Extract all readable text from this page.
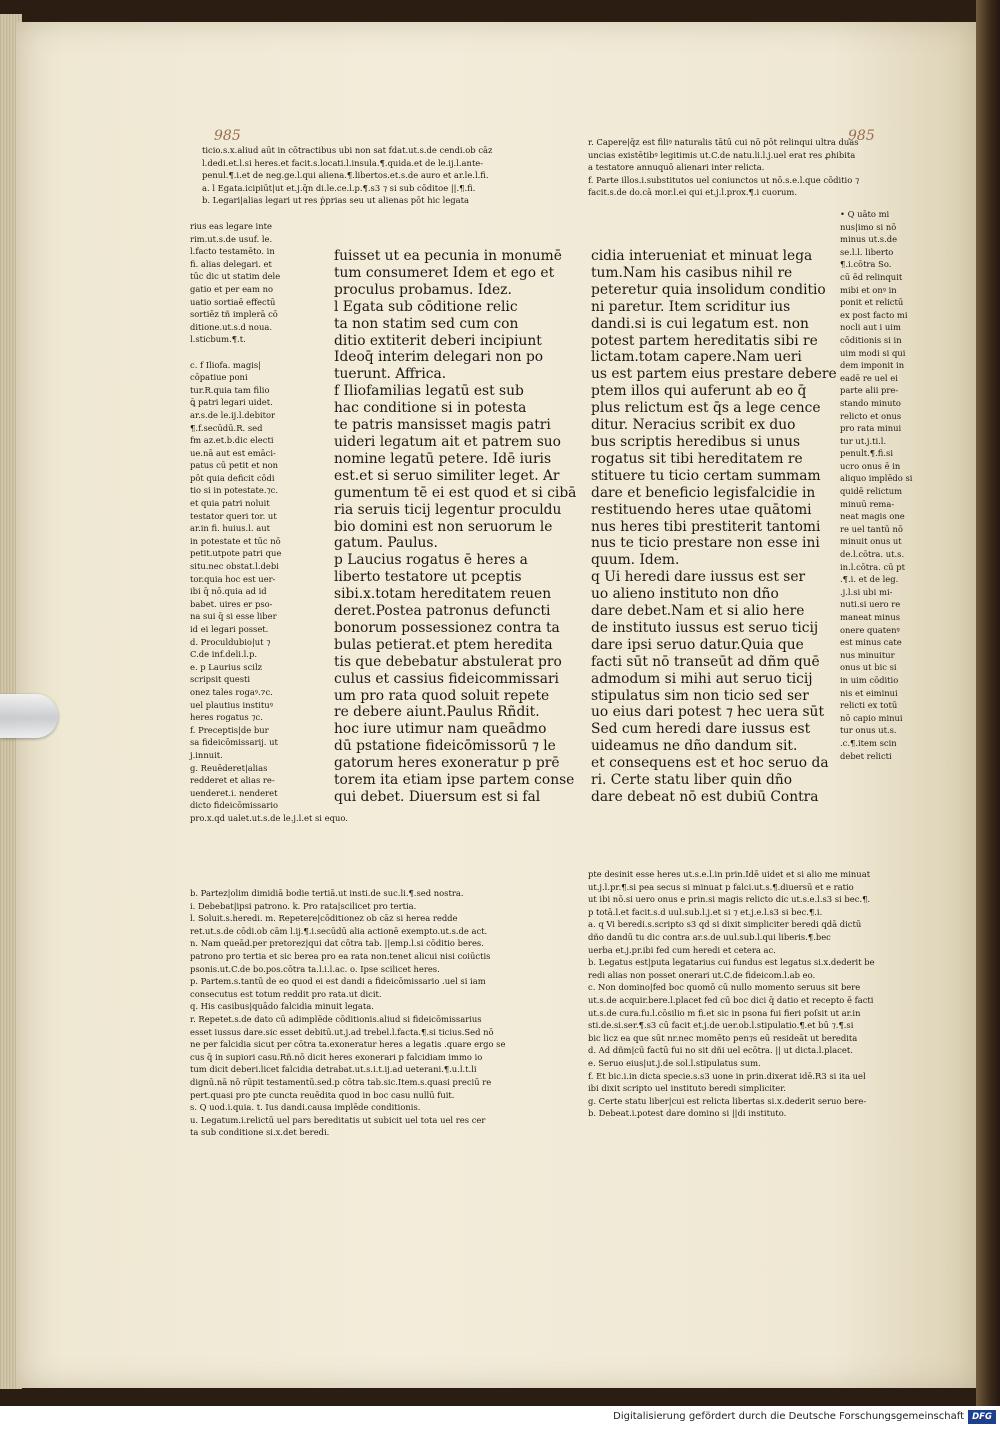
985	985
ticio.s.x.aliud aūt in cōtractibus ubi non sat fdat.ut.s.de cendi.ob cāz
l.dedi.et.l.si heres.et facit.s.locati.l.insula.¶.quida.et de le.ij.l.ante-
penul.¶.i.et de neg.ge.l.qui aliena.¶.libertos.et.s.de auro et ar.le.l.fi.
a. l Egata.icipiūt|ut et.j.q̄n di.le.ce.l.p.¶.s3 ⁊ si sub cōditoe ||.¶.fi.
b. Legari|alias legari ut res ṗprias seu ut alienas pōt hic legata
r. Capere|q̄z est filiꝰ naturalis tātū cui nō pōt relinqui ultra duas
uncias existētibꝰ legitimis ut.C.de natu.li.l.j.uel erat res ꝓhibita
a testatore annuquō alienari inter relicta.
f. Parte illos.i.substitutos uel coniunctos ut nō.s.e.l.que cōditio ⁊
facit.s.de do.cā mor.l.ei qui et.j.l.prox.¶.i cuorum.
rius eas legare inte
rim.ut.s.de usuf. le.
l.facto testamēto. in
fi. alias delegari. et
tūc dic ut statim dele
gatio et per eam no
uatio sortiaē effectū
sortiēz tñ implerā cō
ditione.ut.s.d noua.
l.sticbum.¶.t.

c. f Iliofa. magis|
cōpatiue poni
tur.R.quia tam filio
ꝗ̄ patri legari uidet.
ar.s.de le.ij.l.debitor
¶.f.secūdū.R. sed
fm az.et.b.dic electi
ue.nā aut est emāci-
patus cū petit et non
pōt quia deficit cōdi
tio si in potestate.⁊c.
et quia patri noluit
testator queri tor. ut
ar.in fi. huius.l. aut
in potestate et tūc nō
petit.utpote patri que
situ.nec obstat.l.debi
tor.quia hoc est uer-
ibi q̄ nō.quia ad id
babet. uires er pso-
na sui q̄ si esse liber
id ei legari posset.
d. Proculdubio|ut ⁊
C.de inf.deli.l.p.
e. p Laurius scilz
scripsit questi
onez tales rogaꝰ.⁊c.
uel plautius instituꝰ
heres rogatus ⁊c.
f. Preceptis|de bur
sa fideicōmissarij. ut
j.innuit.
g. Reuēderet|alias
redderet et alias re-
uenderet.i. nenderet
dicto fideicōmissario
pro.x.qd ualet.ut.s.de le.j.l.et si equo.
fuisset ut ea pecunia in monumē
tum consumeret Idem et ego et
proculus probamus. Idez.
l Egata sub cōditione relic
ta non statim sed cum con
ditio extiterit deberi incipiunt
Ideoq̄ interim delegari non po
tuerunt. Affrica.
f Iliofamilias legatū est sub
hac conditione si in potesta
te patris mansisset magis patri
uideri legatum ait et patrem suo
nomine legatū petere. Idē iuris
est.et si seruo similiter leget. Ar
gumentum tē ei est quod et si cibā
ria seruis ticij legentur proculdu
bio domini est non seruorum le
gatum. Paulus.
p Laucius rogatus ē heres a
liberto testatore ut pceptis
sibi.x.totam hereditatem reuen
deret.Postea patronus defuncti
bonorum possessionez contra ta
bulas petierat.et ptem heredita
tis que debebatur abstulerat pro
culus et cassius fideicommissari
um pro rata quod soluit repete
re debere aiunt.Paulus Rñdit.
hoc iure utimur nam queādmo
dū pstatione fideicōmissorū ⁊ le
gatorum heres exoneratur p prē
torem ita etiam ipse partem conse
qui debet. Diuersum est si fal
cidia interueniat et minuat lega
tum.Nam his casibus nihil re
peteretur quia insolidum conditio
ni paretur. Item scriditur ius
dandi.si is cui legatum est. non
potest partem hereditatis sibi re
lictam.totam capere.Nam ueri
us est partem eius prestare debere
ptem illos qui auferunt ab eo q̄
plus relictum est q̄s a lege cence
ditur. Neracius scribit ex duo
bus scriptis heredibus si unus
rogatus sit tibi hereditatem re
stituere tu ticio certam summam
dare et beneficio legisfalcidie in
restituendo heres utae quātomi
nus heres tibi prestiterit tantomi
nus te ticio prestare non esse ini
quum. Idem.
q Ui heredi dare iussus est ser
uo alieno instituto non dño
dare debet.Nam et si alio here
de instituto iussus est seruo ticij
dare ipsi seruo datur.Quia que
facti sūt nō transeūt ad dñm quē
admodum si mihi aut seruo ticij
stipulatus sim non ticio sed ser
uo eius dari potest ⁊ hec uera sūt
Sed cum heredi dare iussus est
uideamus ne dño dandum sit.
et consequens est et hoc seruo da
ri. Certe statu liber quin dño
dare debeat nō est dubiū Contra
• Q uāto mi
nus|imo si nō
minus ut.s.de
se.l.l. liberto
¶.i.cōtra So.
cū ēd relinquit
mibi et onꝰ in
ponit et relictū
ex post facto mi
nocli aut i uim
cōditionis si in
uim modi si qui
dem imponit in
eadē re uel ei
parte alii pre-
stando minuto
relicto et onus
pro rata minui
tur ut.j.ti.l.
penult.¶.fi.si
ucro onus ē in
aliquo implēdo si
quidē relictum
minuū rema-
neat magis one
re uel tantū nō
minuit onus ut
de.l.cōtra. ut.s.
in.l.cōtra. cū pt
.¶.i. et de leg.
.j.l.si ubi mi-
nuti.si uero re
maneat minus
onere quatenꝰ
est minus cate
nus minuitur
onus ut bic si
in uim cōditio
nis et eiminui
relicti ex totū
nō capio minui
tur onus ut.s.
.c.¶.item scin
debet relicti
b. Partez|olim dimidiā bodie tertiā.ut insti.de suc.li.¶.sed nostra.
i. Debebat|ipsi patrono. k. Pro rata|scilicet pro tertia.
l. Soluit.s.heredi. m. Repetere|cōditionez ob cāz si herea redde
ret.ut.s.de cōdi.ob cām l.ij.¶.i.secūdū alia actionē exempto.ut.s.de act.
n. Nam queād.per pretorez|qui dat cōtra tab. ||emp.l.si cōditio beres.
patrono pro tertia et sic berea pro ea rata non.tenet alicui nisi coiūctis
psonis.ut.C.de bo.pos.cōtra ta.l.i.l.ac. o. Ipse scilicet heres.
p. Partem.s.tantū de eo quod ei est dandi a fideicōmissario .uel si iam
consecutus est totum reddit pro rata.ut dicit.
q. His casibus|quādo falcidia minuit legata.
r. Repetet.s.de dato cū adimplēde cōditionis.aliud si fideicōmissarius
esset iussus dare.sic esset debitū.ut.j.ad trebel.l.facta.¶.si ticius.Sed nō
ne per falcidia sicut per cōtra ta.exoneratur heres a legatis .quare ergo se
cus q̄ in supiori casu.Rñ.nō dicit heres exonerari p falcidiam immo io
tum dicit deberi.licet falcidia detrabat.ut.s.i.t.ij.ad ueterani.¶.u.l.t.li
dignū.nā nō rūpit testamentū.sed.p cōtra tab.sic.Item.s.quasi preciū re
pert.quasi pro pte cuncta reuēdita quod in boc casu nullū fuit.
s. Q uod.i.quia. t. Ius dandi.causa implēde conditionis.
u. Legatum.i.relictū uel pars bereditatis ut subicit uel tota uel res cer
ta sub conditione si.x.det beredi.
pte desinit esse heres ut.s.e.l.in prin.Idē uidet et si alio me minuat
ut.j.l.pr.¶.si pea secus si minuat p falci.ut.s.¶.diuersū et e ratio
ut ibi nō.si uero onus e prin.si magis relicto dic ut.s.e.l.s3 si bec.¶.
p totā.l.et facit.s.d uul.sub.l.j.et si ⁊ et.j.e.l.s3 si bec.¶.i.
a. q Vi beredi.s.scripto s3 qd si dixit simpliciter beredi qdā dictū
dño dandū tu dic contra ar.s.de uul.sub.l.qui liberis.¶.bec
uerba et.j.pr.ibi fed cum heredi et cetera ac.
b. Legatus est|puta legatarius cui fundus est legatus si.x.dederit be
redi alias non posset onerari ut.C.de fideicom.l.ab eo.
c. Non domino|fed boc quomō cū nullo momento seruus sit bere
ut.s.de acquir.bere.l.placet fed cū boc dici q̄ datio et recepto ē facti
ut.s.de cura.fu.l.cōsilio m fi.et sic in psona fui fieri poſsit ut ar.in
sti.de.si.ser.¶.s3 cū facit et.j.de uer.ob.l.stipulatio.¶.et bū ⁊.¶.si
bic licz ea que sūt nr.nec momēto pen⁊s eū resideāt ut beredita
d. Ad dñm|cū factū fui no sit dñi uel ecōtra. || ut dicta.l.placet.
e. Seruo eius|ut.j.de sol.l.stipulatus sum.
f. Et bic.i.in dicta specie.s.s3 uone in prin.dixerat idē.R3 si ita uel
ibi dixit scripto uel instituto beredi simpliciter.
g. Certe statu liber|cui est relicta libertas si.x.dederit seruo bere-
b. Debeat.i.potest dare domino si ||di instituto.
Digitalisierung gefördert durch die Deutsche Forschungsgemeinschaft DFG
